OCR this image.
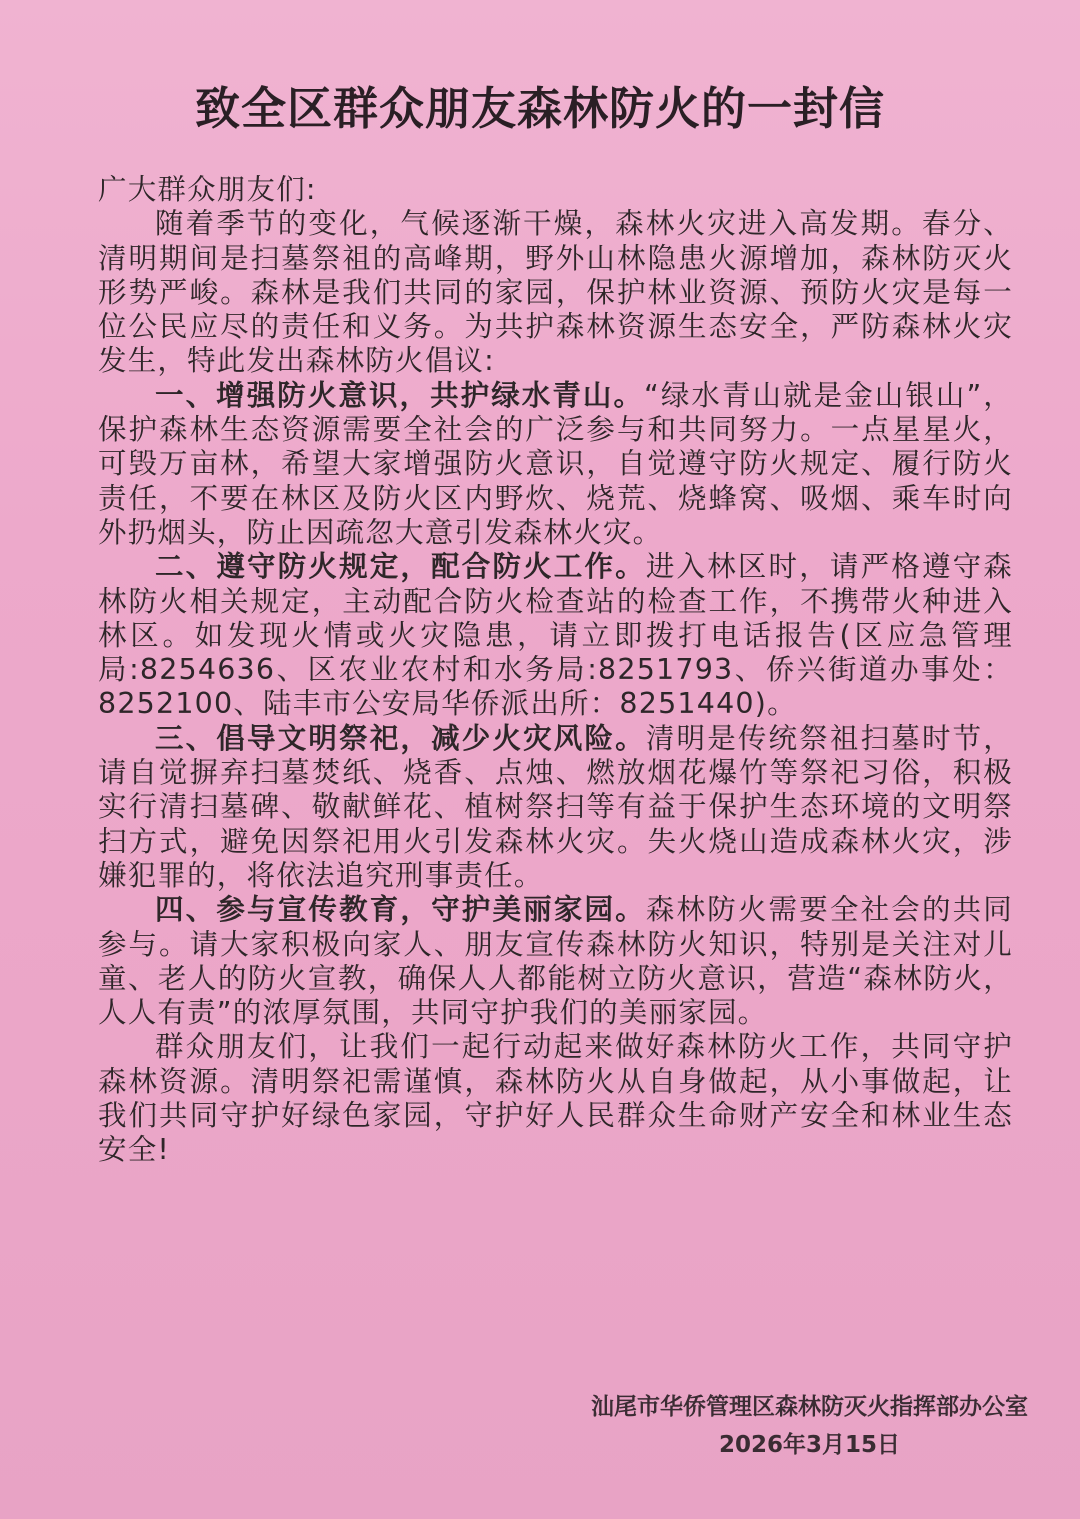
致全区群众朋友森林防火的一封信

广大群众朋友们:

随着季节的变化，气候逐渐干燥，森林火灾进入高发期。春分、清明期间是扫墓祭祖的高峰期，野外山林隐患火源增加，森林防灭火形势严峻。森林是我们共同的家园，保护林业资源、预防火灾是每一位公民应尽的责任和义务。为共护森林资源生态安全，严防森林火灾发生，特此发出森林防火倡议:

一、增强防火意识，共护绿水青山。“绿水青山就是金山银山”，保护森林生态资源需要全社会的广泛参与和共同努力。一点星星火，可毁万亩林，希望大家增强防火意识，自觉遵守防火规定、履行防火责任，不要在林区及防火区内野炊、烧荒、烧蜂窝、吸烟、乘车时向外扔烟头，防止因疏忽大意引发森林火灾。

二、遵守防火规定，配合防火工作。进入林区时，请严格遵守森林防火相关规定，主动配合防火检查站的检查工作，不携带火种进入林区。如发现火情或火灾隐患，请立即拨打电话报告(区应急管理局:8254636、区农业农村和水务局:8251793、侨兴街道办事处：8252100、陆丰市公安局华侨派出所：8251440)。

三、倡导文明祭祀，减少火灾风险。清明是传统祭祖扫墓时节，请自觉摒弃扫墓焚纸、烧香、点烛、燃放烟花爆竹等祭祀习俗，积极实行清扫墓碑、敬献鲜花、植树祭扫等有益于保护生态环境的文明祭扫方式，避免因祭祀用火引发森林火灾。失火烧山造成森林火灾，涉嫌犯罪的，将依法追究刑事责任。

四、参与宣传教育，守护美丽家园。森林防火需要全社会的共同参与。请大家积极向家人、朋友宣传森林防火知识，特别是关注对儿童、老人的防火宣教，确保人人都能树立防火意识，营造“森林防火，人人有责”的浓厚氛围，共同守护我们的美丽家园。

群众朋友们，让我们一起行动起来做好森林防火工作，共同守护森林资源。清明祭祀需谨慎，森林防火从自身做起，从小事做起，让我们共同守护好绿色家园，守护好人民群众生命财产安全和林业生态安全!

汕尾市华侨管理区森林防灭火指挥部办公室
2026年3月15日
